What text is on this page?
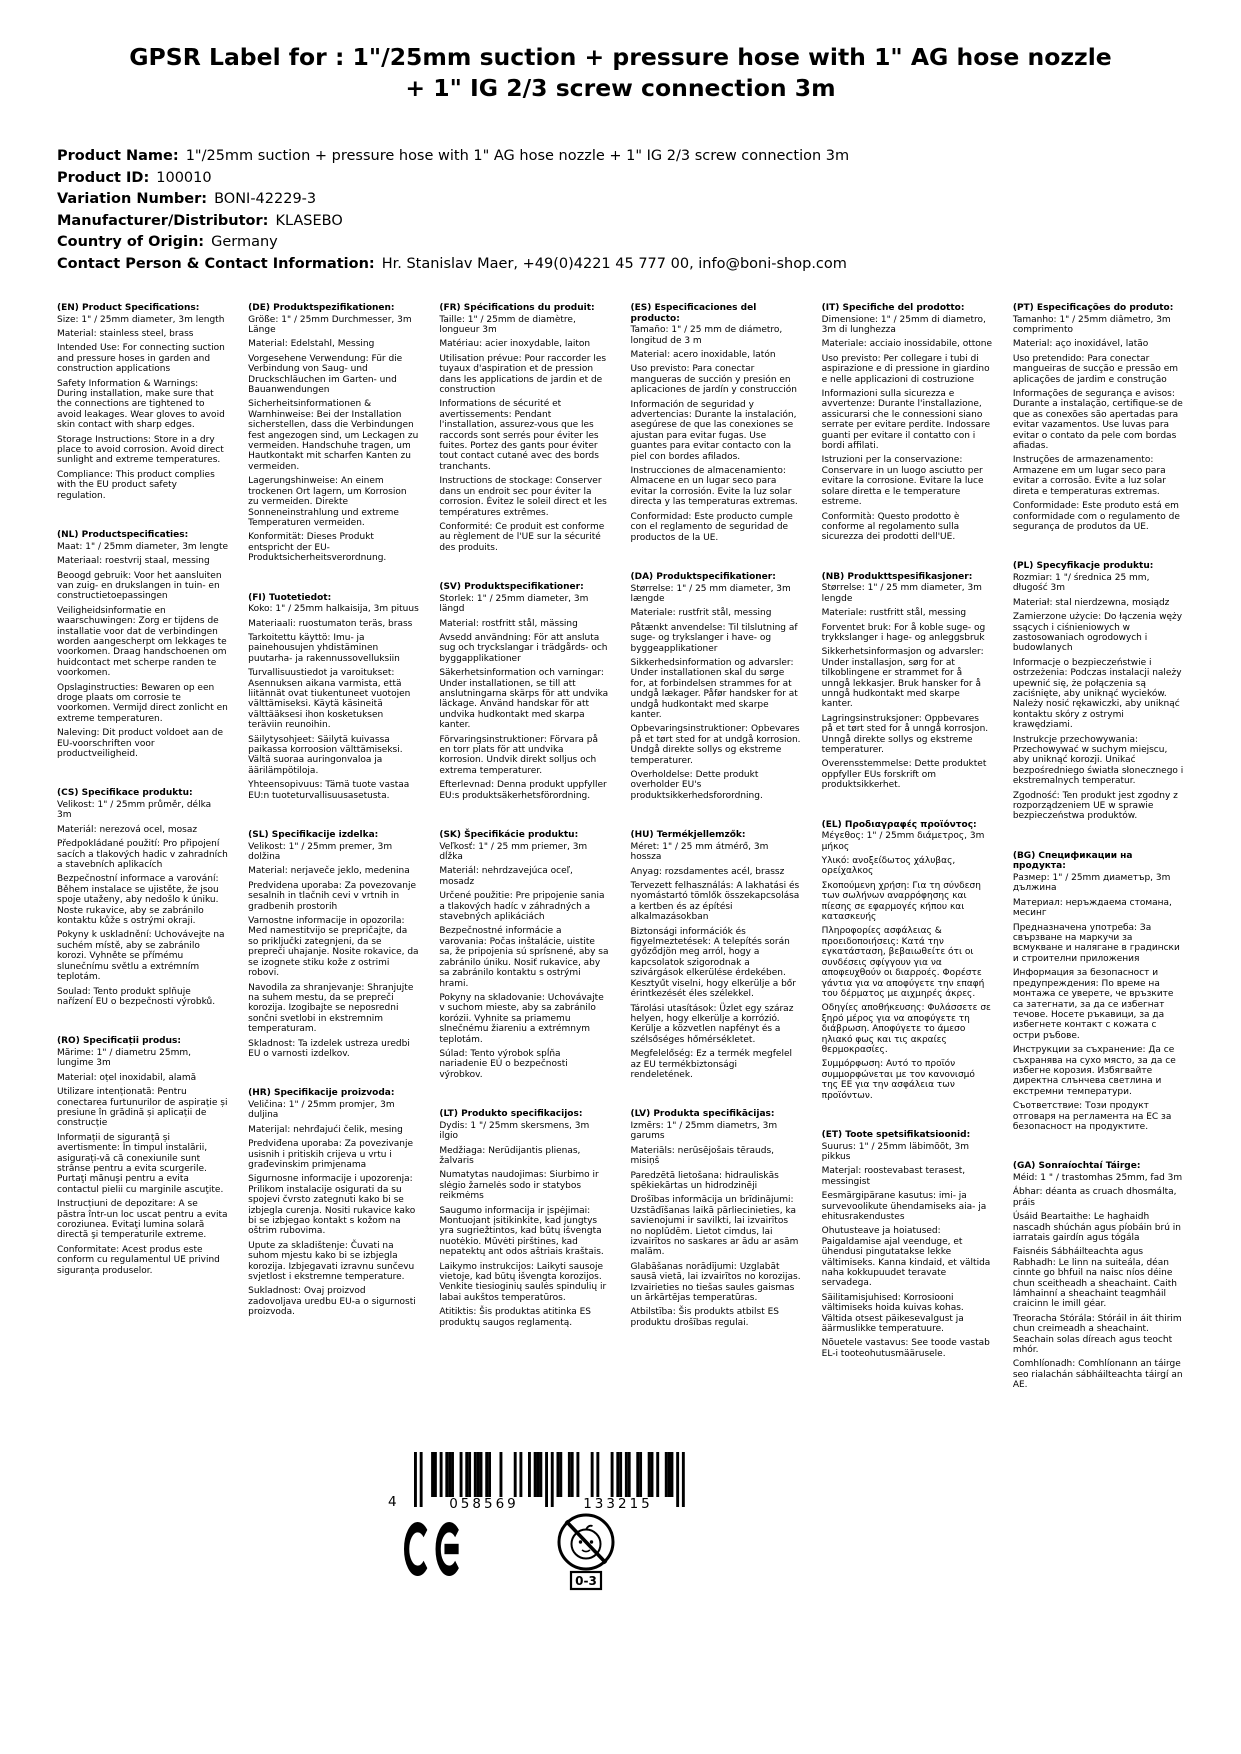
GPSR Label for : 1"/25mm suction + pressure hose with 1" AG hose nozzle + 1" IG 2/3 screw connection 3m
Product Name: 1"/25mm suction + pressure hose with 1" AG hose nozzle + 1" IG 2/3 screw connection 3m
Product ID: 100010
Variation Number: BONI-42229-3
Manufacturer/Distributor: KLASEBO
Country of Origin: Germany
Contact Person & Contact Information: Hr. Stanislav Maer, +49(0)4221 45 777 00, info@boni-shop.com
(EN) Product Specifications:

Size: 1" / 25mm diameter, 3m length

Material: stainless steel, brass

Intended Use: For connecting suction and pressure hoses in garden and construction applications

Safety Information & Warnings: During installation, make sure that the connections are tightened to avoid leakages. Wear gloves to avoid skin contact with sharp edges.

Storage Instructions: Store in a dry place to avoid corrosion. Avoid direct sunlight and extreme temperatures.

Compliance: This product complies with the EU product safety regulation.

(NL) Productspecificaties:

Maat: 1" / 25mm diameter, 3m lengte

Materiaal: roestvrij staal, messing

Beoogd gebruik: Voor het aansluiten van zuig- en drukslangen in tuin- en constructietoepassingen

Veiligheidsinformatie en waarschuwingen: Zorg er tijdens de installatie voor dat de verbindingen worden aangescherpt om lekkages te voorkomen. Draag handschoenen om huidcontact met scherpe randen te voorkomen.

Opslaginstructies: Bewaren op een droge plaats om corrosie te voorkomen. Vermijd direct zonlicht en extreme temperaturen.

Naleving: Dit product voldoet aan de EU-voorschriften voor productveiligheid.

(CS) Specifikace produktu:

Velikost: 1" / 25mm průměr, délka 3m

Materiál: nerezová ocel, mosaz

Předpokládané použití: Pro připojení sacích a tlakových hadic v zahradních a stavebních aplikacích

Bezpečnostní informace a varování: Během instalace se ujistěte, že jsou spoje utaženy, aby nedošlo k úniku. Noste rukavice, aby se zabránilo kontaktu kůže s ostrými okraji.

Pokyny k uskladnění: Uchovávejte na suchém místě, aby se zabránilo korozi. Vyhněte se přímému slunečnímu světlu a extrémním teplotám.

Soulad: Tento produkt splňuje nařízení EU o bezpečnosti výrobků.

(RO) Specificații produs:

Mărime: 1" / diametru 25mm, lungime 3m

Material: oțel inoxidabil, alamă

Utilizare intenționată: Pentru conectarea furtunurilor de aspirație și presiune în grădină și aplicații de construcție

Informații de siguranță și avertismente: În timpul instalării, asigurați-vă că conexiunile sunt strânse pentru a evita scurgerile. Purtaţi mănuşi pentru a evita contactul pielii cu marginile ascuţite.

Instrucțiuni de depozitare: A se păstra într-un loc uscat pentru a evita coroziunea. Evitaţi lumina solară directă şi temperaturile extreme.

Conformitate: Acest produs este conform cu regulamentul UE privind siguranța produselor.

(DE) Produktspezifikationen:

Größe: 1" / 25mm Durchmesser, 3m Länge

Material: Edelstahl, Messing

Vorgesehene Verwendung: Für die Verbindung von Saug- und Druckschläuchen im Garten- und Bauanwendungen

Sicherheitsinformationen & Warnhinweise: Bei der Installation sicherstellen, dass die Verbindungen fest angezogen sind, um Leckagen zu vermeiden. Handschuhe tragen, um Hautkontakt mit scharfen Kanten zu vermeiden.

Lagerungshinweise: An einem trockenen Ort lagern, um Korrosion zu vermeiden. Direkte Sonneneinstrahlung und extreme Temperaturen vermeiden.

Konformität: Dieses Produkt entspricht der EU-Produktsicherheitsverordnung.

(FI) Tuotetiedot:

Koko: 1" / 25mm halkaisija, 3m pituus

Materiaali: ruostumaton teräs, brass

Tarkoitettu käyttö: Imu- ja painehousujen yhdistäminen puutarha- ja rakennussovelluksiin

Turvallisuustiedot ja varoitukset: Asennuksen aikana varmista, että liitännät ovat tiukentuneet vuotojen välttämiseksi. Käytä käsineitä välttääksesi ihon kosketuksen teräviin reunoihin.

Säilytysohjeet: Säilytä kuivassa paikassa korroosion välttämiseksi. Vältä suoraa auringonvaloa ja äärilämpötiloja.

Yhteensopivuus: Tämä tuote vastaa EU:n tuoteturvallisuusasetusta.

(SL) Specifikacije izdelka:

Velikost: 1" / 25mm premer, 3m dolžina

Material: nerjaveče jeklo, medenina

Predvidena uporaba: Za povezovanje sesalnih in tlačnih cevi v vrtnih in gradbenih prostorih

Varnostne informacije in opozorila: Med namestitvijo se prepričajte, da so priključki zategnjeni, da se prepreči uhajanje. Nosite rokavice, da se izognete stiku kože z ostrimi robovi.

Navodila za shranjevanje: Shranjujte na suhem mestu, da se prepreči korozija. Izogibajte se neposredni sončni svetlobi in ekstremnim temperaturam.

Skladnost: Ta izdelek ustreza uredbi EU o varnosti izdelkov.

(HR) Specifikacije proizvoda:

Veličina: 1" / 25mm promjer, 3m duljina

Materijal: nehrđajući čelik, mesing

Predviđena uporaba: Za povezivanje usisnih i pritiskih crijeva u vrtu i građevinskim primjenama

Sigurnosne informacije i upozorenja: Prilikom instalacije osigurati da su spojevi čvrsto zategnuti kako bi se izbjegla curenja. Nositi rukavice kako bi se izbjegao kontakt s kožom na oštrim rubovima.

Upute za skladištenje: Čuvati na suhom mjestu kako bi se izbjegla korozija. Izbjegavati izravnu sunčevu svjetlost i ekstremne temperature.

Sukladnost: Ovaj proizvod zadovoljava uredbu EU-a o sigurnosti proizvoda.

(FR) Spécifications du produit:

Taille: 1" / 25mm de diamètre, longueur 3m

Matériau: acier inoxydable, laiton

Utilisation prévue: Pour raccorder les tuyaux d'aspiration et de pression dans les applications de jardin et de construction

Informations de sécurité et avertissements: Pendant l'installation, assurez-vous que les raccords sont serrés pour éviter les fuites. Portez des gants pour éviter tout contact cutané avec des bords tranchants.

Instructions de stockage: Conserver dans un endroit sec pour éviter la corrosion. Évitez le soleil direct et les températures extrêmes.

Conformité: Ce produit est conforme au règlement de l'UE sur la sécurité des produits.

(SV) Produktspecifikationer:

Storlek: 1" / 25mm diameter, 3m längd

Material: rostfritt stål, mässing

Avsedd användning: För att ansluta sug och tryckslangar i trädgårds- och byggapplikationer

Säkerhetsinformation och varningar: Under installationen, se till att anslutningarna skärps för att undvika läckage. Använd handskar för att undvika hudkontakt med skarpa kanter.

Förvaringsinstruktioner: Förvara på en torr plats för att undvika korrosion. Undvik direkt solljus och extrema temperaturer.

Efterlevnad: Denna produkt uppfyller EU:s produktsäkerhetsförordning.

(SK) Špecifikácie produktu:

Veľkosť: 1" / 25 mm priemer, 3m dĺžka

Materiál: nehrdzavejúca oceľ, mosadz

Určené použitie: Pre pripojenie sania a tlakových hadíc v záhradných a stavebných aplikáciách

Bezpečnostné informácie a varovania: Počas inštalácie, uistite sa, že pripojenia sú sprísnené, aby sa zabránilo úniku. Nosiť rukavice, aby sa zabránilo kontaktu s ostrými hrami.

Pokyny na skladovanie: Uchovávajte v suchom mieste, aby sa zabránilo korózii. Vyhnite sa priamemu slnečnému žiareniu a extrémnym teplotám.

Súlad: Tento výrobok spĺňa nariadenie EÚ o bezpečnosti výrobkov.

(LT) Produkto specifikacijos:

Dydis: 1 "/ 25mm skersmens, 3m ilgio

Medžiaga: Nerūdijantis plienas, žalvaris

Numatytas naudojimas: Siurbimo ir slėgio žarnelės sodo ir statybos reikmėms

Saugumo informacija ir įspėjimai: Montuojant įsitikinkite, kad jungtys yra sugriežtintos, kad būtų išvengta nuotėkio. Mūvėti pirštines, kad nepatektų ant odos aštriais kraštais.

Laikymo instrukcijos: Laikyti sausoje vietoje, kad būtų išvengta korozijos. Venkite tiesioginių saulės spindulių ir labai aukštos temperatūros.

Atitiktis: Šis produktas atitinka ES produktų saugos reglamentą.

(ES) Especificaciones del producto:

Tamaño: 1" / 25 mm de diámetro, longitud de 3 m

Material: acero inoxidable, latón

Uso previsto: Para conectar mangueras de succión y presión en aplicaciones de jardín y construcción

Información de seguridad y advertencias: Durante la instalación, asegúrese de que las conexiones se ajustan para evitar fugas. Use guantes para evitar contacto con la piel con bordes afilados.

Instrucciones de almacenamiento: Almacene en un lugar seco para evitar la corrosión. Evite la luz solar directa y las temperaturas extremas.

Conformidad: Este producto cumple con el reglamento de seguridad de productos de la UE.

(DA) Produktspecifikationer:

Størrelse: 1" / 25 mm diameter, 3m længde

Materiale: rustfrit stål, messing

Påtænkt anvendelse: Til tilslutning af suge- og trykslanger i have- og byggeapplikationer

Sikkerhedsinformation og advarsler: Under installationen skal du sørge for, at forbindelsen strammes for at undgå lækager. Påfør handsker for at undgå hudkontakt med skarpe kanter.

Opbevaringsinstruktioner: Opbevares på et tørt sted for at undgå korrosion. Undgå direkte sollys og ekstreme temperaturer.

Overholdelse: Dette produkt overholder EU's produktsikkerhedsforordning.

(HU) Termékjellemzők:

Méret: 1" / 25 mm átmérő, 3m hossza

Anyag: rozsdamentes acél, brassz

Tervezett felhasználás: A lakhatási és nyomástartó tömlők összekapcsolása a kertben és az építési alkalmazásokban

Biztonsági információk és figyelmeztetések: A telepítés során győződjön meg arról, hogy a kapcsolatok szigorodnak a szivárgások elkerülése érdekében. Kesztyűt viselni, hogy elkerülje a bőr érintkezését éles szélekkel.

Tárolási utasítások: Üzlet egy száraz helyen, hogy elkerülje a korrózió. Kerülje a közvetlen napfényt és a szélsőséges hőmérsékletet.

Megfelelőség: Ez a termék megfelel az EU termékbiztonsági rendeletének.

(LV) Produkta specifikācijas:

Izmērs: 1" / 25mm diametrs, 3m garums

Materiāls: nerūsējošais tērauds, misiņš

Paredzētā lietošana: hidrauliskās spēkiekārtas un hidrodzinēji

Drošības informācija un brīdinājumi: Uzstādīšanas laikā pārliecinieties, ka savienojumi ir savilkti, lai izvairītos no noplūdēm. Lietot cimdus, lai izvairītos no saskares ar ādu ar asām malām.

Glabāšanas norādījumi: Uzglabāt sausā vietā, lai izvairītos no korozijas. Izvairieties no tiešas saules gaismas un ārkārtējas temperatūras.

Atbilstība: Šis produkts atbilst ES produktu drošības regulai.

(IT) Specifiche del prodotto:

Dimensione: 1" / 25mm di diametro, 3m di lunghezza

Materiale: acciaio inossidabile, ottone

Uso previsto: Per collegare i tubi di aspirazione e di pressione in giardino e nelle applicazioni di costruzione

Informazioni sulla sicurezza e avvertenze: Durante l'installazione, assicurarsi che le connessioni siano serrate per evitare perdite. Indossare guanti per evitare il contatto con i bordi affilati.

Istruzioni per la conservazione: Conservare in un luogo asciutto per evitare la corrosione. Evitare la luce solare diretta e le temperature estreme.

Conformità: Questo prodotto è conforme al regolamento sulla sicurezza dei prodotti dell'UE.

(NB) Produkttspesifikasjoner:

Størrelse: 1" / 25 mm diameter, 3m lengde

Materiale: rustfritt stål, messing

Forventet bruk: For å koble suge- og trykkslanger i hage- og anleggsbruk

Sikkerhetsinformasjon og advarsler: Under installasjon, sørg for at tilkoblingene er strammet for å unngå lekkasjer. Bruk hansker for å unngå hudkontakt med skarpe kanter.

Lagringsinstruksjoner: Oppbevares på et tørt sted for å unngå korrosjon. Unngå direkte sollys og ekstreme temperaturer.

Overensstemmelse: Dette produktet oppfyller EUs forskrift om produktsikkerhet.

(EL) Προδιαγραφές προϊόντος:

Μέγεθος: 1" / 25mm διάμετρος, 3m μήκος

Υλικό: ανοξείδωτος χάλυβας, ορείχαλκος

Σκοπούμενη χρήση: Για τη σύνδεση των σωλήνων αναρρόφησης και πίεσης σε εφαρμογές κήπου και κατασκευής

Πληροφορίες ασφάλειας & προειδοποιήσεις: Κατά την εγκατάσταση, βεβαιωθείτε ότι οι συνδέσεις σφίγγουν για να αποφευχθούν οι διαρροές. Φορέστε γάντια για να αποφύγετε την επαφή του δέρματος με αιχμηρές άκρες.

Οδηγίες αποθήκευσης: Φυλάσσετε σε ξηρό μέρος για να αποφύγετε τη διάβρωση. Αποφύγετε το άμεσο ηλιακό φως και τις ακραίες θερμοκρασίες.

Συμμόρφωση: Αυτό το προϊόν συμμορφώνεται με τον κανονισμό της ΕΕ για την ασφάλεια των προϊόντων.

(ET) Toote spetsifikatsioonid:

Suurus: 1" / 25mm läbimõõt, 3m pikkus

Materjal: roostevabast terasest, messingist

Eesmärgipärane kasutus: imi- ja survevoolikute ühendamiseks aia- ja ehitusrakendustes

Ohutusteave ja hoiatused: Paigaldamise ajal veenduge, et ühendusi pingutatakse lekke vältimiseks. Kanna kindaid, et vältida naha kokkupuudet teravate servadega.

Säilitamisjuhised: Korrosiooni vältimiseks hoida kuivas kohas. Vältida otsest päikesevalgust ja äärmuslikke temperatuure.

Nõuetele vastavus: See toode vastab EL-i tooteohutusmäärusele.

(PT) Especificações do produto:

Tamanho: 1" / 25mm diâmetro, 3m comprimento

Material: aço inoxidável, latão

Uso pretendido: Para conectar mangueiras de sucção e pressão em aplicações de jardim e construção

Informações de segurança e avisos: Durante a instalação, certifique-se de que as conexões são apertadas para evitar vazamentos. Use luvas para evitar o contato da pele com bordas afiadas.

Instruções de armazenamento: Armazene em um lugar seco para evitar a corrosão. Evite a luz solar direta e temperaturas extremas.

Conformidade: Este produto está em conformidade com o regulamento de segurança de produtos da UE.

(PL) Specyfikacje produktu:

Rozmiar: 1 "/ średnica 25 mm, długość 3m

Materiał: stal nierdzewna, mosiądz

Zamierzone użycie: Do łączenia węży ssących i ciśnieniowych w zastosowaniach ogrodowych i budowlanych

Informacje o bezpieczeństwie i ostrzeżenia: Podczas instalacji należy upewnić się, że połączenia są zaciśnięte, aby uniknąć wycieków. Należy nosić rękawiczki, aby uniknąć kontaktu skóry z ostrymi krawędziami.

Instrukcje przechowywania: Przechowywać w suchym miejscu, aby uniknąć korozji. Unikać bezpośredniego światła słonecznego i ekstremalnych temperatur.

Zgodność: Ten produkt jest zgodny z rozporządzeniem UE w sprawie bezpieczeństwa produktów.

(BG) Спецификации на продукта:

Размер: 1" / 25mm диаметър, 3m дължина

Материал: неръждаема стомана, месинг

Предназначена употреба: За свързване на маркучи за всмукване и налягане в градински и строителни приложения

Информация за безопасност и предупреждения: По време на монтажа се уверете, че връзките са затегнати, за да се избегнат течове. Носете ръкавици, за да избегнете контакт с кожата с остри ръбове.

Инструкции за съхранение: Да се съхранява на сухо място, за да се избегне корозия. Избягвайте директна слънчева светлина и екстремни температури.

Съответствие: Този продукт отговаря на регламента на ЕС за безопасност на продуктите.

(GA) Sonraíochtaí Táirge:

Méid: 1 " / trastomhas 25mm, fad 3m

Ábhar: déanta as cruach dhosmálta, práis

Úsáid Beartaithe: Le haghaidh nascadh shúchán agus píobáin brú in iarratais gairdín agus tógála

Faisnéis Sábháilteachta agus Rabhadh: Le linn na suiteála, déan cinnte go bhfuil na naisc níos déine chun sceitheadh a sheachaint. Caith lámhainní a sheachaint teagmháil craicinn le imill géar.

Treoracha Stórála: Stóráil in áit thirim chun creimeadh a sheachaint. Seachain solas díreach agus teocht mhór.

Comhlíonadh: Comhlíonann an táirge seo rialachán sábháilteachta táirgí an AE.

4	058569	133215
0-3
